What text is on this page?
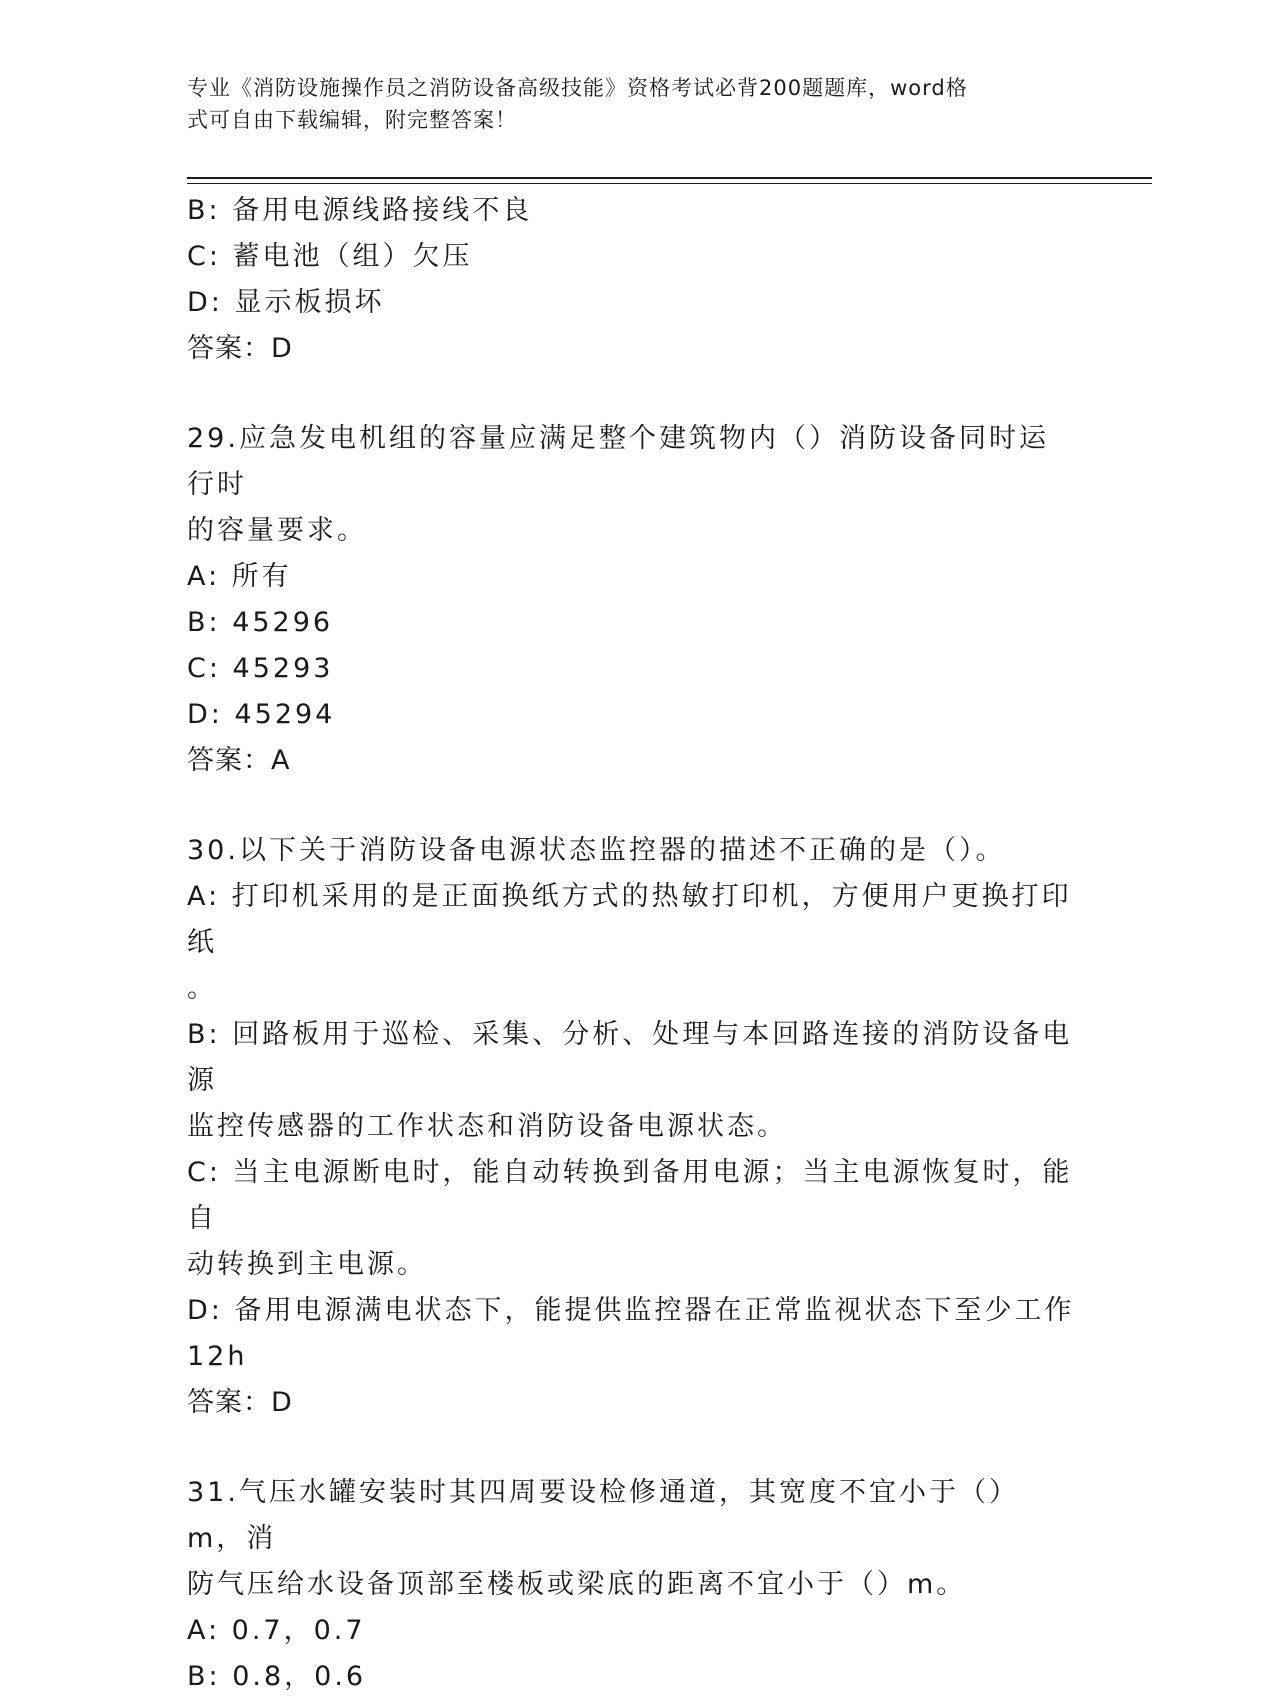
专业《消防设施操作员之消防设备高级技能》资格考试必背200题题库，word格
式可自由下载编辑，附完整答案！
B: 备用电源线路接线不良
C: 蓄电池（组）欠压
D: 显示板损坏
答案：D
29.应急发电机组的容量应满足整个建筑物内（）消防设备同时运行时
的容量要求。
A: 所有
B: 45296
C: 45293
D: 45294
答案：A
30.以下关于消防设备电源状态监控器的描述不正确的是（）。
A: 打印机采用的是正面换纸方式的热敏打印机，方便用户更换打印纸
。
B: 回路板用于巡检、采集、分析、处理与本回路连接的消防设备电源
监控传感器的工作状态和消防设备电源状态。
C: 当主电源断电时，能自动转换到备用电源；当主电源恢复时，能自
动转换到主电源。
D: 备用电源满电状态下，能提供监控器在正常监视状态下至少工作
12h
答案：D
31.气压水罐安装时其四周要设检修通道，其宽度不宜小于（）m，消
防气压给水设备顶部至楼板或梁底的距离不宜小于（）m。
A: 0.7，0.7
B: 0.8，0.6
